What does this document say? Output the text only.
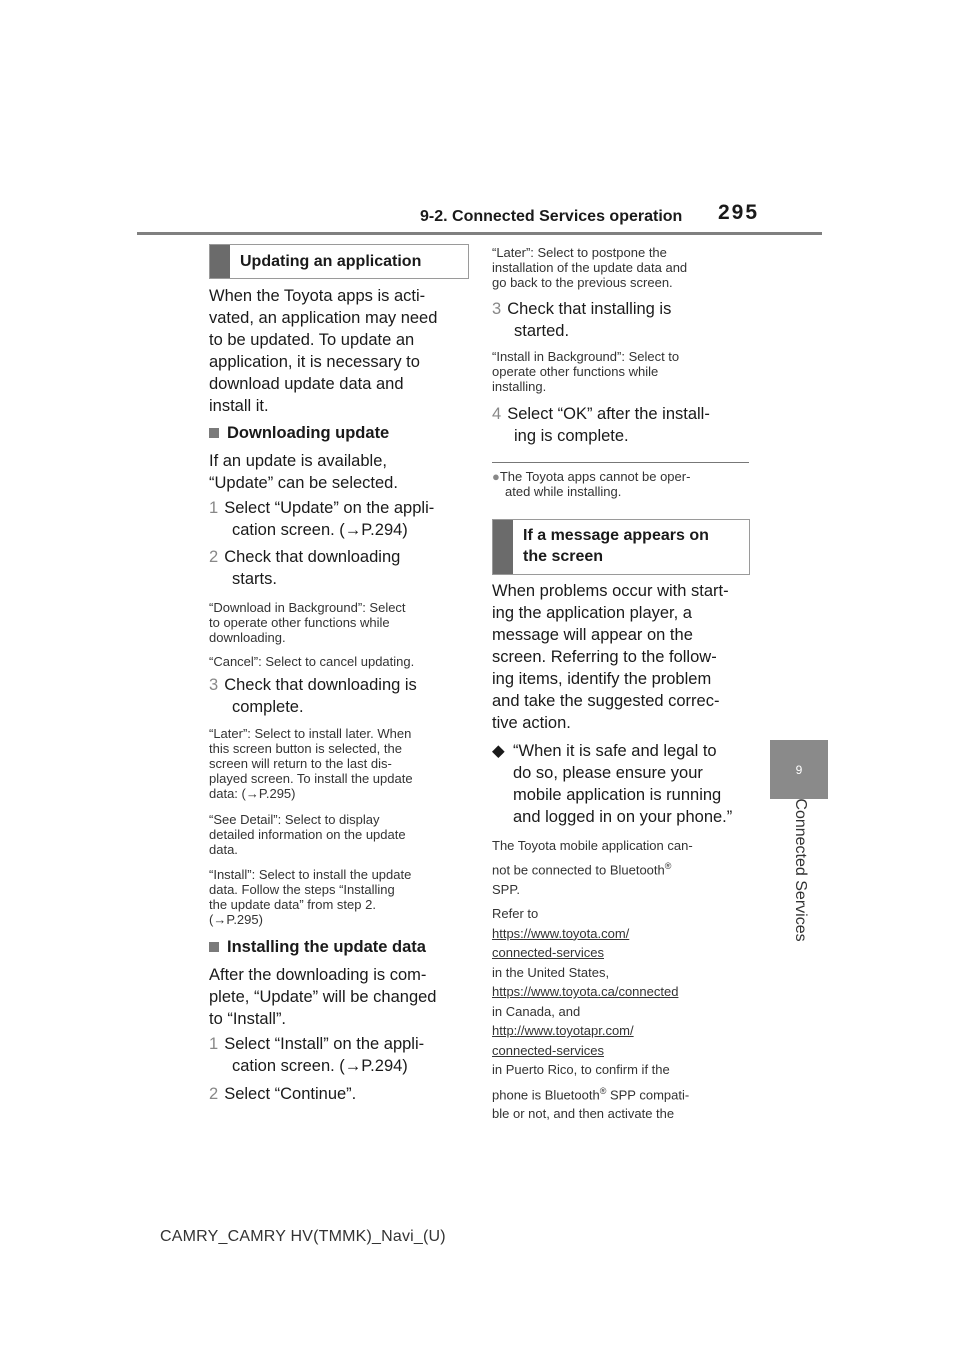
9-2. Connected Services operation 295
9
Connected Services
Updating an application
When the Toyota apps is acti-
vated, an application may need
to be updated. To update an
application, it is necessary to
download update data and
install it.
Downloading update
If an update is available,
“Update” can be selected.
1 Select “Update” on the appli-
cation screen. (→P.294)
2 Check that downloading
starts.
“Download in Background”: Select
to operate other functions while
downloading.
“Cancel”: Select to cancel updating.
3 Check that downloading is
complete.
“Later”: Select to install later. When
this screen button is selected, the
screen will return to the last dis-
played screen. To install the update
data: (→P.295)
“See Detail”: Select to display
detailed information on the update
data.
“Install”: Select to install the update
data. Follow the steps “Installing
the update data” from step 2.
(→P.295)
Installing the update data
After the downloading is com-
plete, “Update” will be changed
to “Install”.
1 Select “Install” on the appli-
cation screen. (→P.294)
2 Select “Continue”.
“Later”: Select to postpone the
installation of the update data and
go back to the previous screen.
3 Check that installing is
started.
“Install in Background”: Select to
operate other functions while
installing.
4 Select “OK” after the install-
ing is complete.
●The Toyota apps cannot be oper-
ated while installing.
If a message appears on
the screen
When problems occur with start-
ing the application player, a
message will appear on the
screen. Referring to the follow-
ing items, identify the problem
and take the suggested correc-
tive action.
◆ “When it is safe and legal to
do so, please ensure your
mobile application is running
and logged in on your phone.”
The Toyota mobile application can-
not be connected to Bluetooth®
SPP.
Refer to
https://www.toyota.com/
connected-services
in the United States,
https://www.toyota.ca/connected
in Canada, and
http://www.toyotapr.com/
connected-services
in Puerto Rico, to confirm if the
phone is Bluetooth® SPP compati-
ble or not, and then activate the
CAMRY_CAMRY HV(TMMK)_Navi_(U)
